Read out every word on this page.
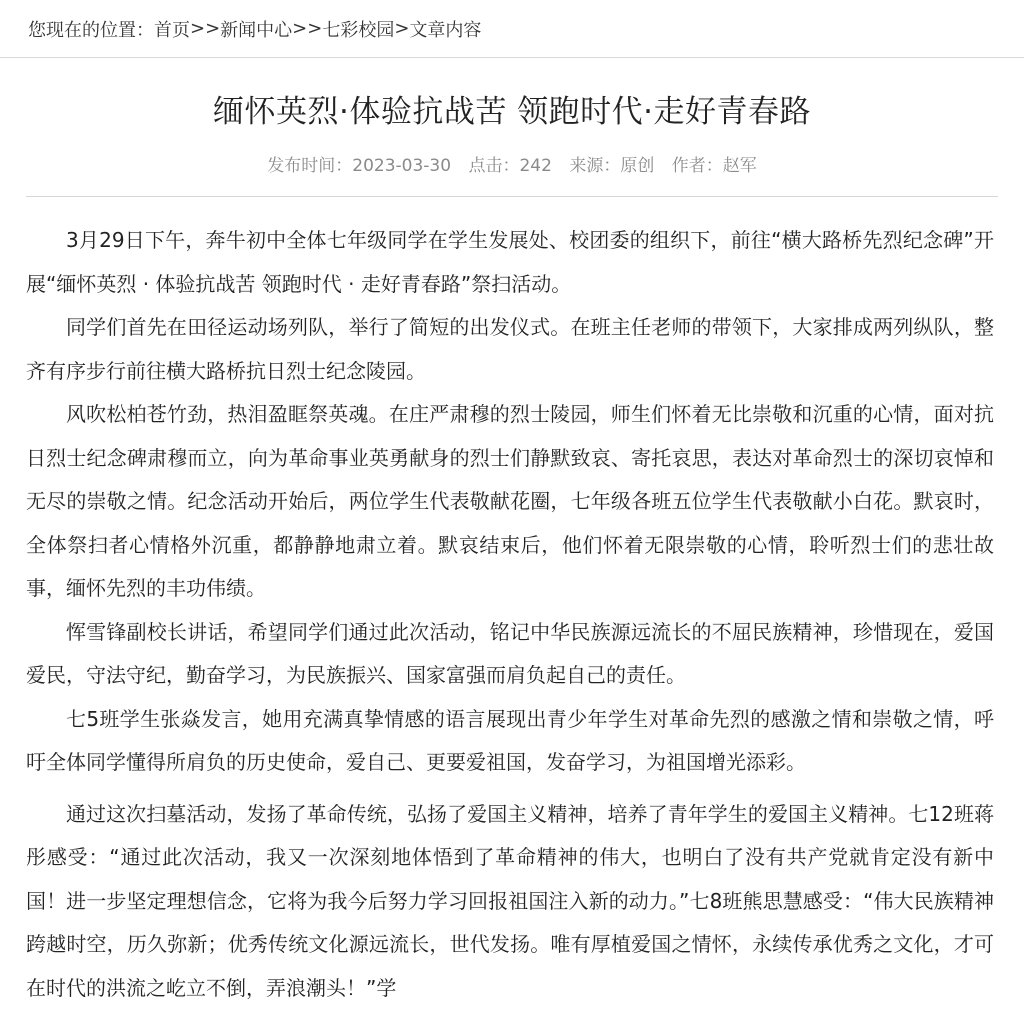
您现在的位置： 首页 >> 新闻中心 >> 七彩校园 > 文章内容
缅怀英烈·体验抗战苦 领跑时代·走好青春路
发布时间：2023-03-30 点击：242 来源：原创 作者：赵军

3月29日下午，奔牛初中全体七年级同学在学生发展处、校团委的组织下，前往“横大路桥先烈纪念碑”开展“缅怀英烈 · 体验抗战苦 领跑时代 · 走好青春路”祭扫活动。

同学们首先在田径运动场列队，举行了简短的出发仪式。在班主任老师的带领下，大家排成两列纵队，整齐有序步行前往横大路桥抗日烈士纪念陵园。

风吹松柏苍竹劲，热泪盈眶祭英魂。在庄严肃穆的烈士陵园，师生们怀着无比崇敬和沉重的心情，面对抗日烈士纪念碑肃穆而立，向为革命事业英勇献身的烈士们静默致哀、寄托哀思，表达对革命烈士的深切哀悼和无尽的崇敬之情。纪念活动开始后，两位学生代表敬献花圈，七年级各班五位学生代表敬献小白花。默哀时，全体祭扫者心情格外沉重，都静静地肃立着。默哀结束后，他们怀着无限崇敬的心情，聆听烈士们的悲壮故事，缅怀先烈的丰功伟绩。

恽雪锋副校长讲话，希望同学们通过此次活动，铭记中华民族源远流长的不屈民族精神，珍惜现在，爱国爱民，守法守纪，勤奋学习，为民族振兴、国家富强而肩负起自己的责任。

七5班学生张焱发言，她用充满真挚情感的语言展现出青少年学生对革命先烈的感激之情和崇敬之情，呼吁全体同学懂得所肩负的历史使命，爱自己、更要爱祖国，发奋学习，为祖国增光添彩。

通过这次扫墓活动，发扬了革命传统，弘扬了爱国主义精神，培养了青年学生的爱国主义精神。七12班蒋彤感受：“通过此次活动，我又一次深刻地体悟到了革命精神的伟大，也明白了没有共产党就肯定没有新中国！进一步坚定理想信念，它将为我今后努力学习回报祖国注入新的动力。”七8班熊思慧感受：“伟大民族精神跨越时空，历久弥新；优秀传统文化源远流长，世代发扬。唯有厚植爱国之情怀，永续传承优秀之文化，才可在时代的洪流之屹立不倒，弄浪潮头！”学
